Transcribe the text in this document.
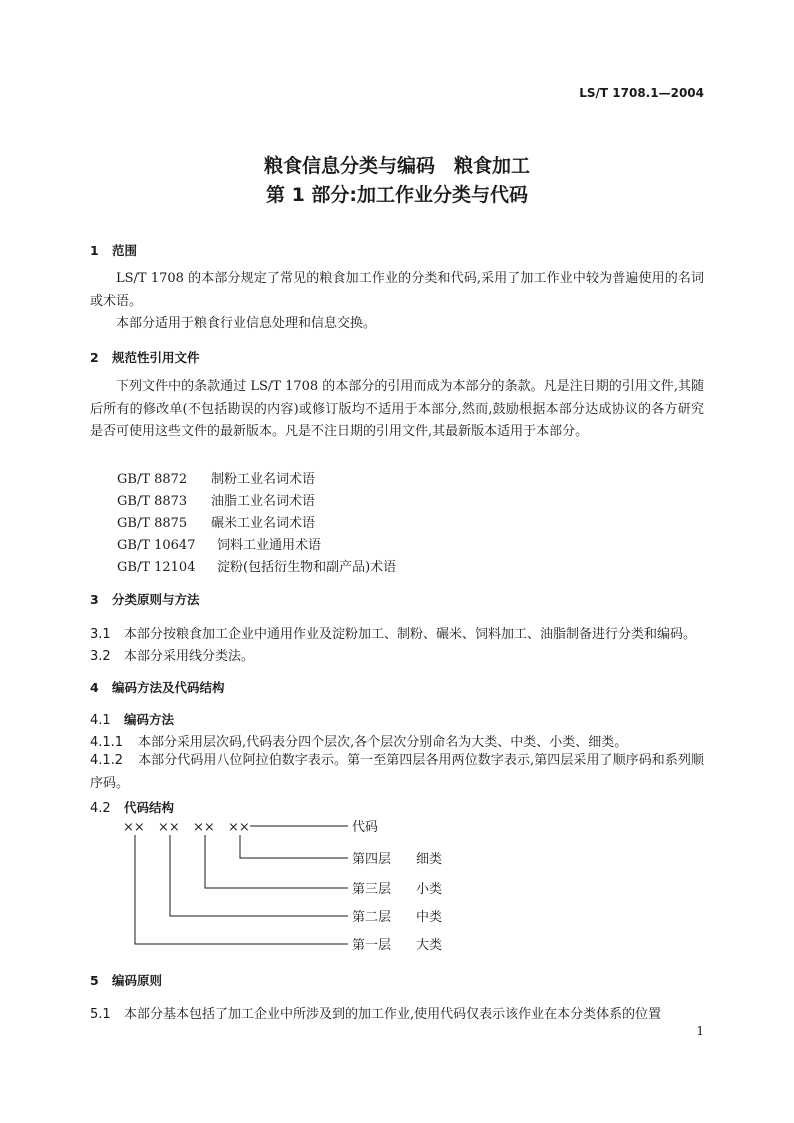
LS/T 1708.1—2004
粮食信息分类与编码　粮食加工
第 1 部分:加工作业分类与代码
1 范围
LS/T 1708 的本部分规定了常见的粮食加工作业的分类和代码,采用了加工作业中较为普遍使用的名词或术语。
本部分适用于粮食行业信息处理和信息交换。
2 规范性引用文件
下列文件中的条款通过 LS/T 1708 的本部分的引用而成为本部分的条款。凡是注日期的引用文件,其随后所有的修改单(不包括勘误的内容)或修订版均不适用于本部分,然而,鼓励根据本部分达成协议的各方研究是否可使用这些文件的最新版本。凡是不注日期的引用文件,其最新版本适用于本部分。
GB/T 8872 制粉工业名词术语
GB/T 8873 油脂工业名词术语
GB/T 8875 碾米工业名词术语
GB/T 10647 饲料工业通用术语
GB/T 12104 淀粉(包括衍生物和副产品)术语
3 分类原则与方法
3.1 本部分按粮食加工企业中通用作业及淀粉加工、制粉、碾米、饲料加工、油脂制备进行分类和编码。
3.2 本部分采用线分类法。
4 编码方法及代码结构
4.1 编码方法
4.1.1 本部分采用层次码,代码表分四个层次,各个层次分别命名为大类、中类、小类、细类。
4.1.2 本部分代码用八位阿拉伯数字表示。第一至第四层各用两位数字表示,第四层采用了顺序码和系列顺序码。
4.2 代码结构
×× ×× ×× ××	代码
第四层 细类
第三层 小类
第二层 中类
第一层 大类
5 编码原则
5.1 本部分基本包括了加工企业中所涉及到的加工作业,使用代码仅表示该作业在本分类体系的位置
1
